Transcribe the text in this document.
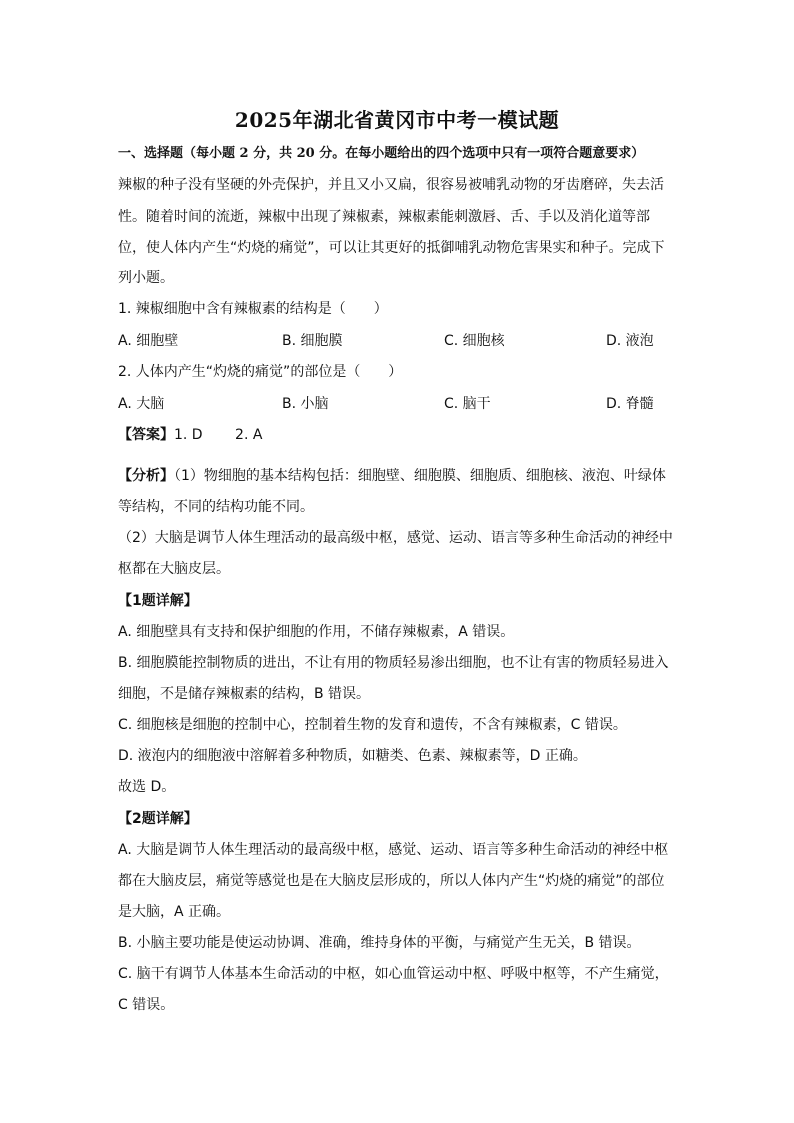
2025年湖北省黄冈市中考一模试题
一、选择题（每小题 2 分，共 20 分。在每小题给出的四个选项中只有一项符合题意要求）
辣椒的种子没有坚硬的外壳保护，并且又小又扁，很容易被哺乳动物的牙齿磨碎，失去活
性。随着时间的流逝，辣椒中出现了辣椒素，辣椒素能刺激唇、舌、手以及消化道等部
位，使人体内产生“灼烧的痛觉”，可以让其更好的抵御哺乳动物危害果实和种子。完成下
列小题。
1. 辣椒细胞中含有辣椒素的结构是（　　）
A. 细胞壁	B. 细胞膜	C. 细胞核	D. 液泡
2. 人体内产生“灼烧的痛觉”的部位是（　　）
A. 大脑	B. 小脑	C. 脑干	D. 脊髓
【答案】1. D　　 2. A
【分析】（1）物细胞的基本结构包括：细胞壁、细胞膜、细胞质、细胞核、液泡、叶绿体
等结构，不同的结构功能不同。
（2）大脑是调节人体生理活动的最高级中枢，感觉、运动、语言等多种生命活动的神经中
枢都在大脑皮层。
【1题详解】
A. 细胞壁具有支持和保护细胞的作用，不储存辣椒素，A 错误。
B. 细胞膜能控制物质的进出，不让有用的物质轻易渗出细胞，也不让有害的物质轻易进入
细胞，不是储存辣椒素的结构，B 错误。
C. 细胞核是细胞的控制中心，控制着生物的发育和遗传，不含有辣椒素，C 错误。
D. 液泡内的细胞液中溶解着多种物质，如糖类、色素、辣椒素等，D 正确。
故选 D。
【2题详解】
A. 大脑是调节人体生理活动的最高级中枢，感觉、运动、语言等多种生命活动的神经中枢
都在大脑皮层，痛觉等感觉也是在大脑皮层形成的，所以人体内产生“灼烧的痛觉”的部位
是大脑，A 正确。
B. 小脑主要功能是使运动协调、准确，维持身体的平衡，与痛觉产生无关，B 错误。
C. 脑干有调节人体基本生命活动的中枢，如心血管运动中枢、呼吸中枢等，不产生痛觉，
C 错误。
